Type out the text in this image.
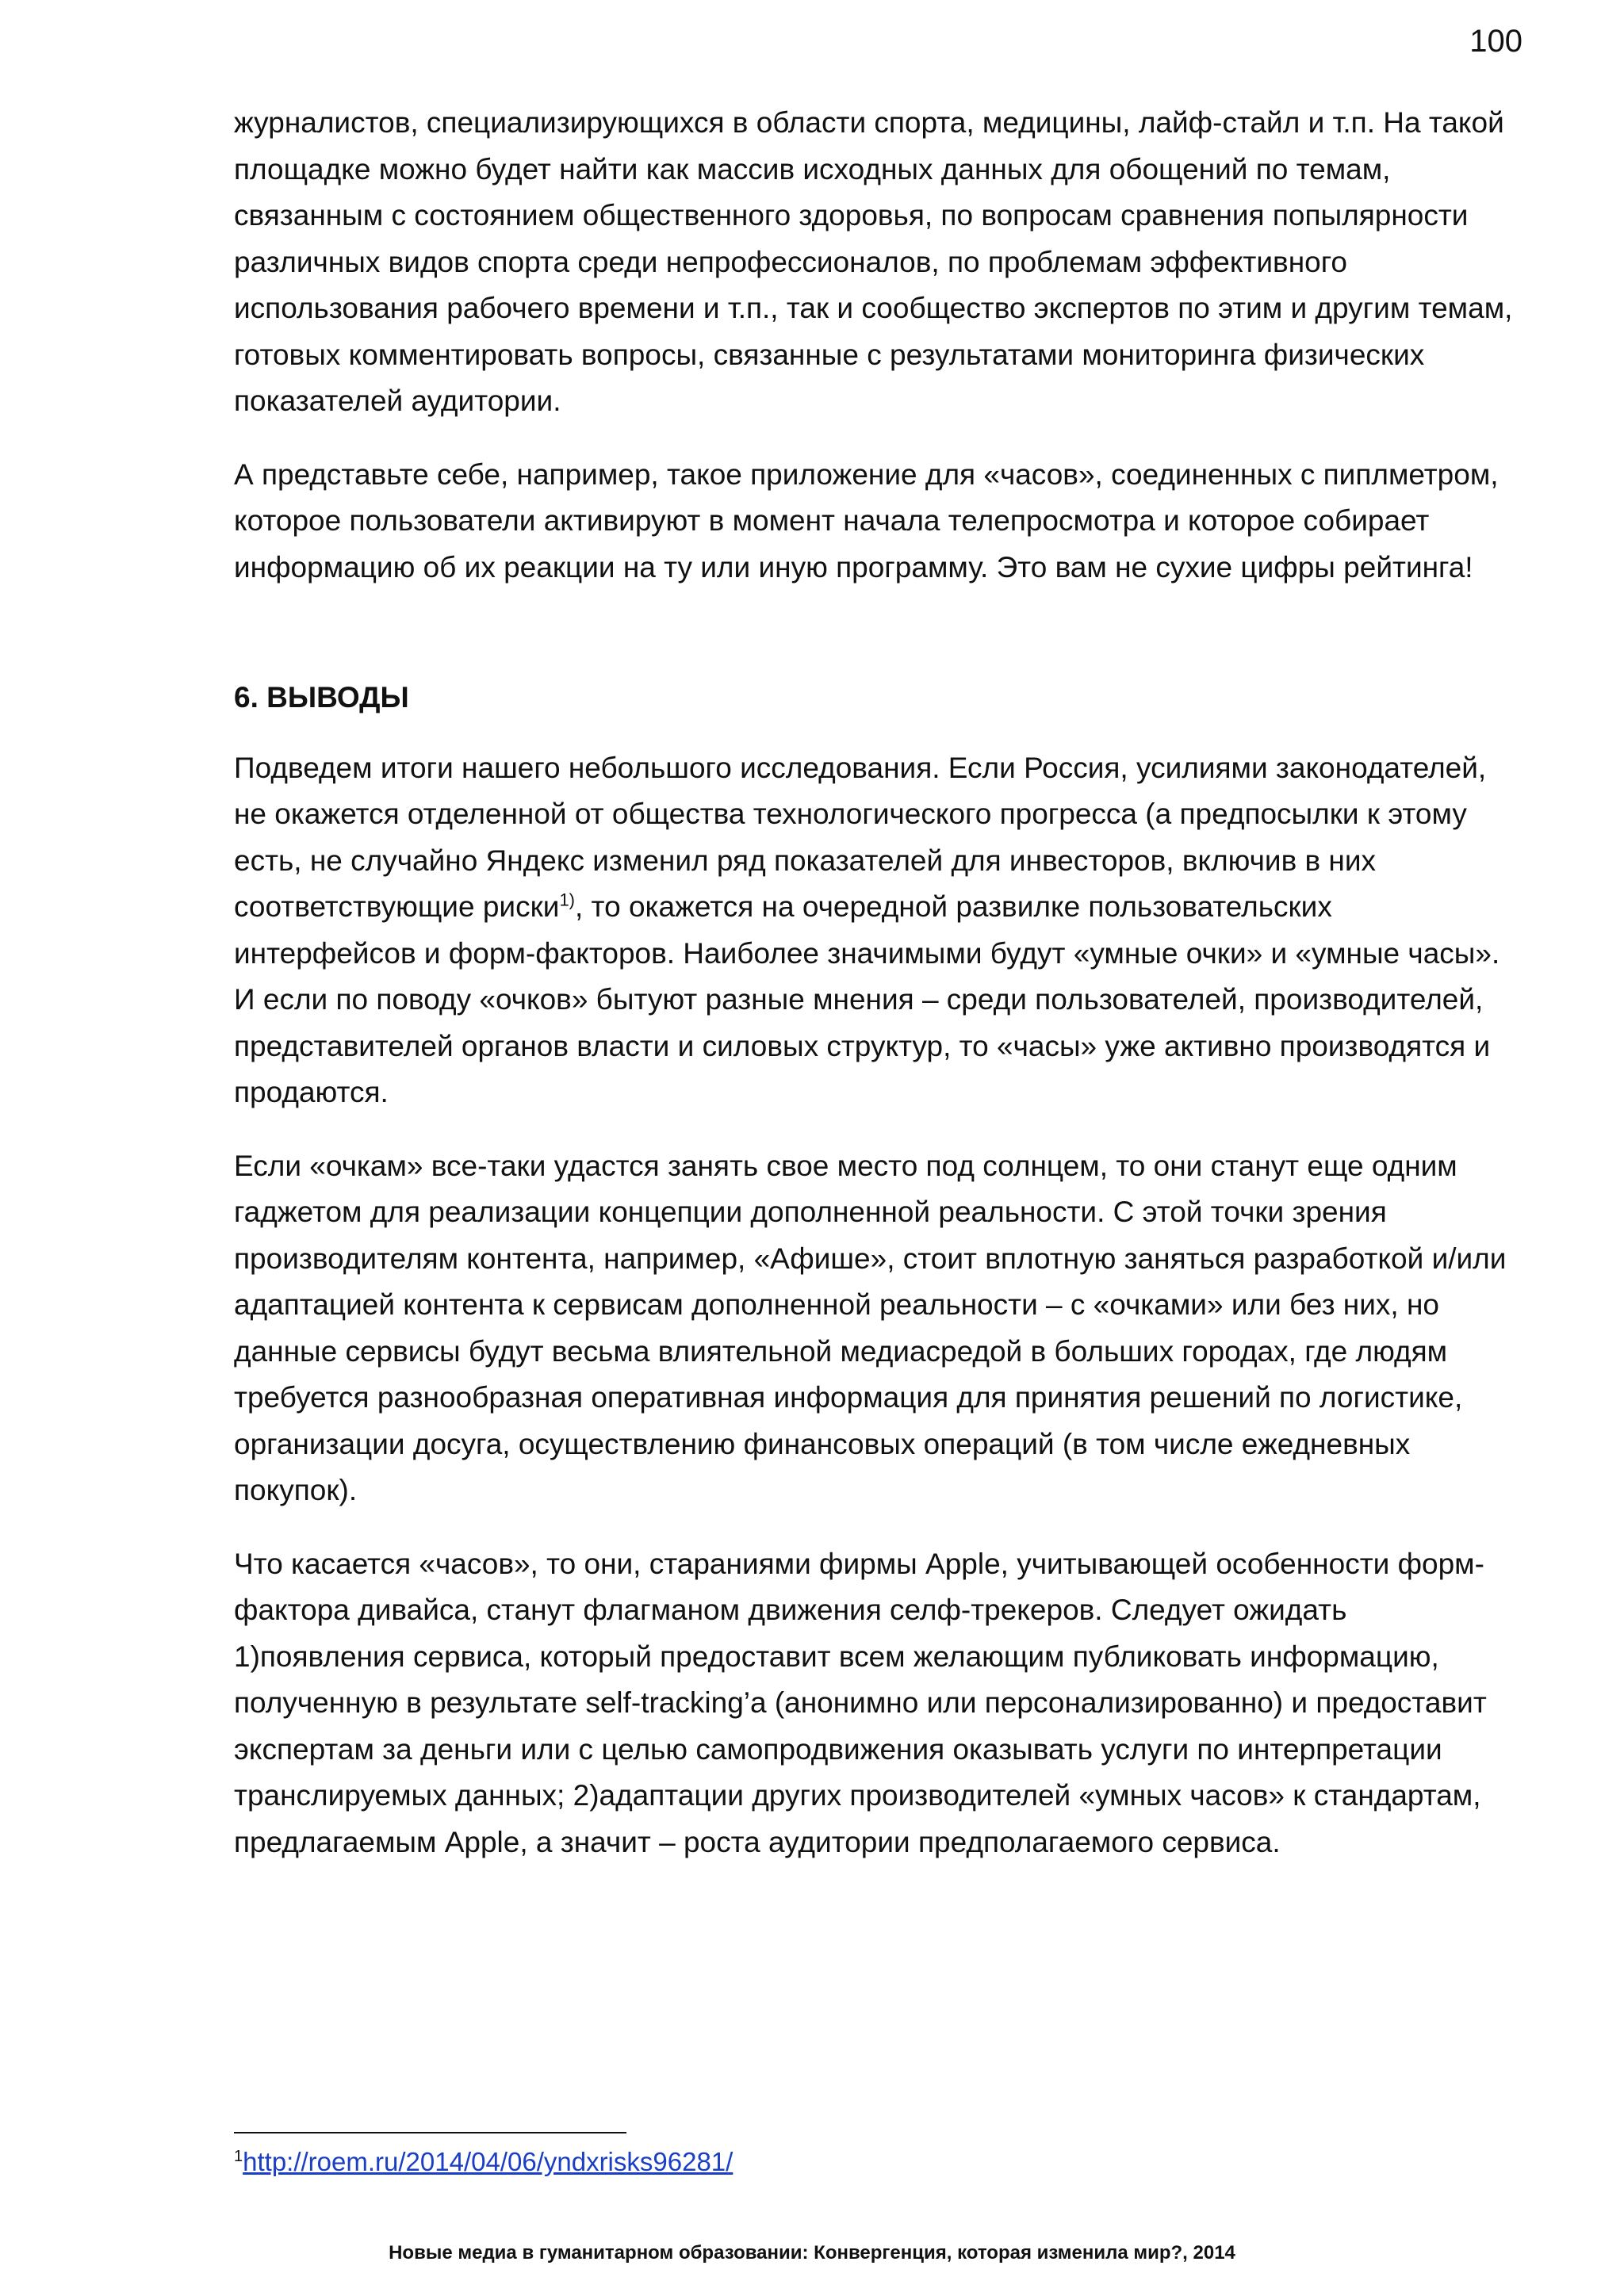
100

журналистов, специализирующихся в области спорта, медицины, лайф-стайл и т.п. На такой площадке можно будет найти как массив исходных данных для обощений по темам, связанным с состоянием общественного здоровья, по вопросам сравнения попылярности различных видов спорта среди непрофессионалов, по проблемам эффективного использования рабочего времени и т.п., так и сообщество экспертов по этим и другим темам, готовых комментировать вопросы, связанные с результатами мониторинга физических показателей аудитории.

А представьте себе, например, такое приложение для «часов», соединенных с пиплметром, которое пользователи активируют в момент начала телепросмотра и которое собирает информацию об их реакции на ту или иную программу. Это вам не сухие цифры рейтинга!

6. ВЫВОДЫ

Подведем итоги нашего небольшого исследования. Если Россия, усилиями законодателей, не окажется отделенной от общества технологического прогресса (а предпосылки к этому есть, не случайно Яндекс изменил ряд показателей для инвесторов, включив в них соответствующие риски$^{1)}$, то окажется на очередной развилке пользовательских интерфейсов и форм-факторов. Наиболее значимыми будут «умные очки» и «умные часы». И если по поводу «очков» бытуют разные мнения – среди пользователей, производителей, представителей органов власти и силовых структур, то «часы» уже активно производятся и продаются.

Если «очкам» все-таки удастся занять свое место под солнцем, то они станут еще одним гаджетом для реализации концепции дополненной реальности. С этой точки зрения производителям контента, например, «Афише», стоит вплотную заняться разработкой и/или адаптацией контента к сервисам дополненной реальности – с «очками» или без них, но данные сервисы будут весьма влиятельной медиасредой в больших городах, где людям требуется разнообразная оперативная информация для принятия решений по логистике, организации досуга, осуществлению финансовых операций (в том числе ежедневных покупок).

Что касается «часов», то они, стараниями фирмы Apple, учитывающей особенности форм-фактора дивайса, станут флагманом движения селф-трекеров. Следует ожидать 1)появления сервиса, который предоставит всем желающим публиковать информацию, полученную в результате self-tracking’a (анонимно или персонализированно) и предоставит экспертам за деньги или с целью самопродвижения оказывать услуги по интерпретации транслируемых данных; 2)адаптации других производителей «умных часов» к стандартам, предлагаемым Apple, а значит – роста аудитории предполагаемого сервиса.

$^1$http://roem.ru/2014/04/06/yndxrisks96281/
Новые медиа в гуманитарном образовании: Конвергенция, которая изменила мир?, 2014
